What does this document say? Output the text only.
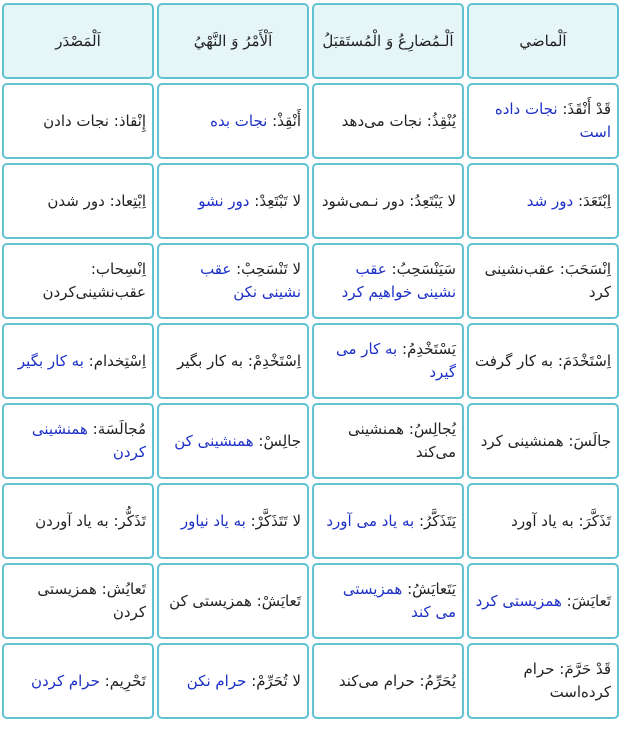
اَلْماضي
اَلْـمُضارِعُ وَ الْمُستَقبَلُ
اَلْأَمْرُ وَ النَّهْيُ
اَلْمَصْدَر
قَدْ أَنْقَذَ: نجات داده است
يُنْقِذُ: نجات می‌دهد
أَنْقِذْ: نجات بده
إِنْقاذ: نجات دادن
اِبْتَعَدَ: دور شد
لا يَبْتَعِدُ: دور نـمی‌شود
لا تَبْتَعِدْ: دور نشو
اِبْتِعاد: دور شدن
اِنْسَحَبَ: عقب‌نشینی کرد
سَيَنْسَحِبُ: عقب نشینی خواهیم کرد
لا تَنْسَحِبْ: عقب نشینی نکن
اِنْسِحاب: عقب‌نشینی‌کردن
اِسْتَخْدَمَ: به کار گرفت
يَسْتَخْدِمُ: به کار می گیرد
اِسْتَخْدِمْ: به کار بگیر
اِسْتِخدام: به کار بگیر
جالَسَ: همنشینی کرد
يُجالِسُ: همنشینی می‌کند
جالِسْ: همنشینی کن
مُجالَسَة: همنشینی کردن
تَذَكَّرَ: به یاد آورد
يَتَذَكَّرُ: به یاد می آورد
لا تَتَذَكَّرْ: به یاد نیاور
تَذَكُّر: به یاد آوردن
تَعايَشَ: همزیستی کرد
يَتَعايَشُ: همزیستی می کند
تَعايَشْ: همزیستی کن
تَعايُش: همزیستی کردن
قَدْ حَرَّمَ: حرام کرده‌است
يُحَرِّمُ: حرام می‌کند
لا تُحَرِّمْ: حرام نکن
تَحْرِيم: حرام کردن
